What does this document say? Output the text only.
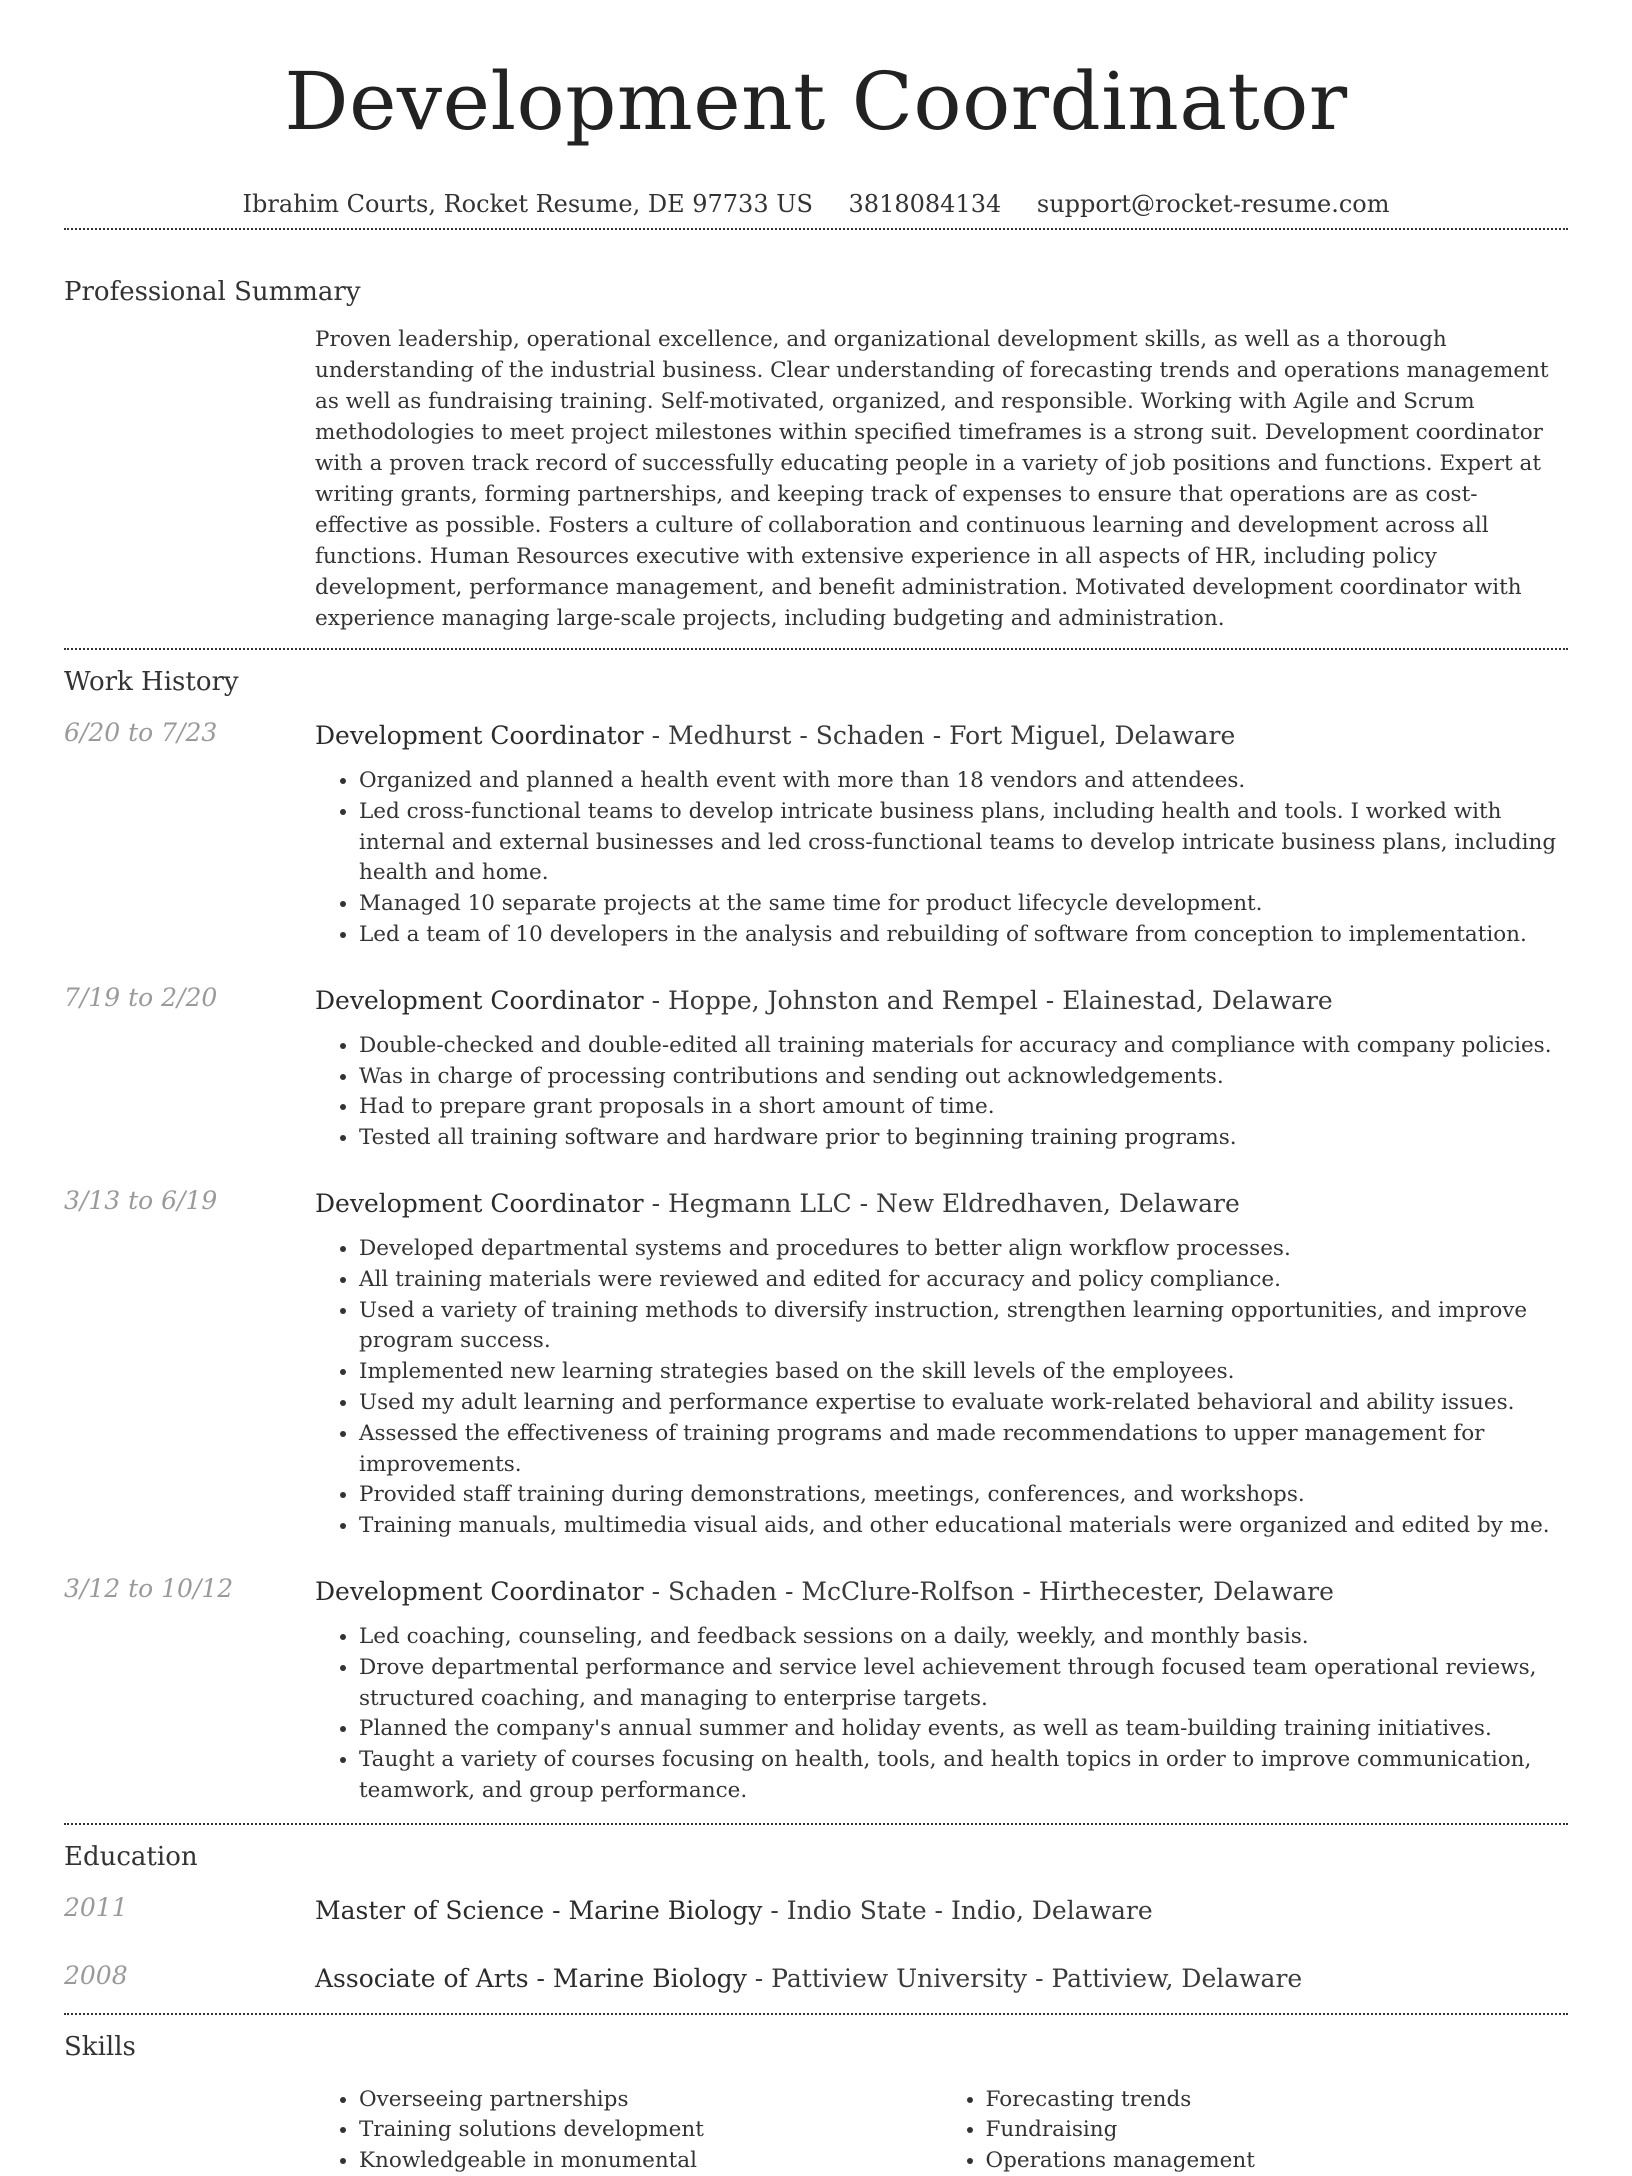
Development Coordinator
Ibrahim Courts, Rocket Resume, DE 97733 US 3818084134 support@rocket-resume.com
Professional Summary

Proven leadership, operational excellence, and organizational development skills, as well as a thorough understanding of the industrial business. Clear understanding of forecasting trends and operations management as well as fundraising training. Self-motivated, organized, and responsible. Working with Agile and Scrum methodologies to meet project milestones within specified timeframes is a strong suit. Development coordinator with a proven track record of successfully educating people in a variety of job positions and functions. Expert at writing grants, forming partnerships, and keeping track of expenses to ensure that operations are as cost-effective as possible. Fosters a culture of collaboration and continuous learning and development across all functions. Human Resources executive with extensive experience in all aspects of HR, including policy development, performance management, and benefit administration. Motivated development coordinator with experience managing large-scale projects, including budgeting and administration.

Work History
6/20 to 7/23	Development Coordinator - Medhurst - Schaden - Fort Miguel, Delaware
• Organized and planned a health event with more than 18 vendors and attendees.
• Led cross-functional teams to develop intricate business plans, including health and tools. I worked with internal and external businesses and led cross-functional teams to develop intricate business plans, including health and home.
• Managed 10 separate projects at the same time for product lifecycle development.
• Led a team of 10 developers in the analysis and rebuilding of software from conception to implementation.
7/19 to 2/20	Development Coordinator - Hoppe, Johnston and Rempel - Elainestad, Delaware
• Double-checked and double-edited all training materials for accuracy and compliance with company policies.
• Was in charge of processing contributions and sending out acknowledgements.
• Had to prepare grant proposals in a short amount of time.
• Tested all training software and hardware prior to beginning training programs.
3/13 to 6/19	Development Coordinator - Hegmann LLC - New Eldredhaven, Delaware
• Developed departmental systems and procedures to better align workflow processes.
• All training materials were reviewed and edited for accuracy and policy compliance.
• Used a variety of training methods to diversify instruction, strengthen learning opportunities, and improve program success.
• Implemented new learning strategies based on the skill levels of the employees.
• Used my adult learning and performance expertise to evaluate work-related behavioral and ability issues.
• Assessed the effectiveness of training programs and made recommendations to upper management for improvements.
• Provided staff training during demonstrations, meetings, conferences, and workshops.
• Training manuals, multimedia visual aids, and other educational materials were organized and edited by me.
3/12 to 10/12	Development Coordinator - Schaden - McClure-Rolfson - Hirthecester, Delaware
• Led coaching, counseling, and feedback sessions on a daily, weekly, and monthly basis.
• Drove departmental performance and service level achievement through focused team operational reviews, structured coaching, and managing to enterprise targets.
• Planned the company's annual summer and holiday events, as well as team-building training initiatives.
• Taught a variety of courses focusing on health, tools, and health topics in order to improve communication, teamwork, and group performance.
Education
2011	Master of Science - Marine Biology - Indio State - Indio, Delaware
2008	Associate of Arts - Marine Biology - Pattiview University - Pattiview, Delaware
Skills
• Overseeing partnerships
• Training solutions development
• Knowledgeable in monumental
• Forecasting trends
• Fundraising
• Operations management
